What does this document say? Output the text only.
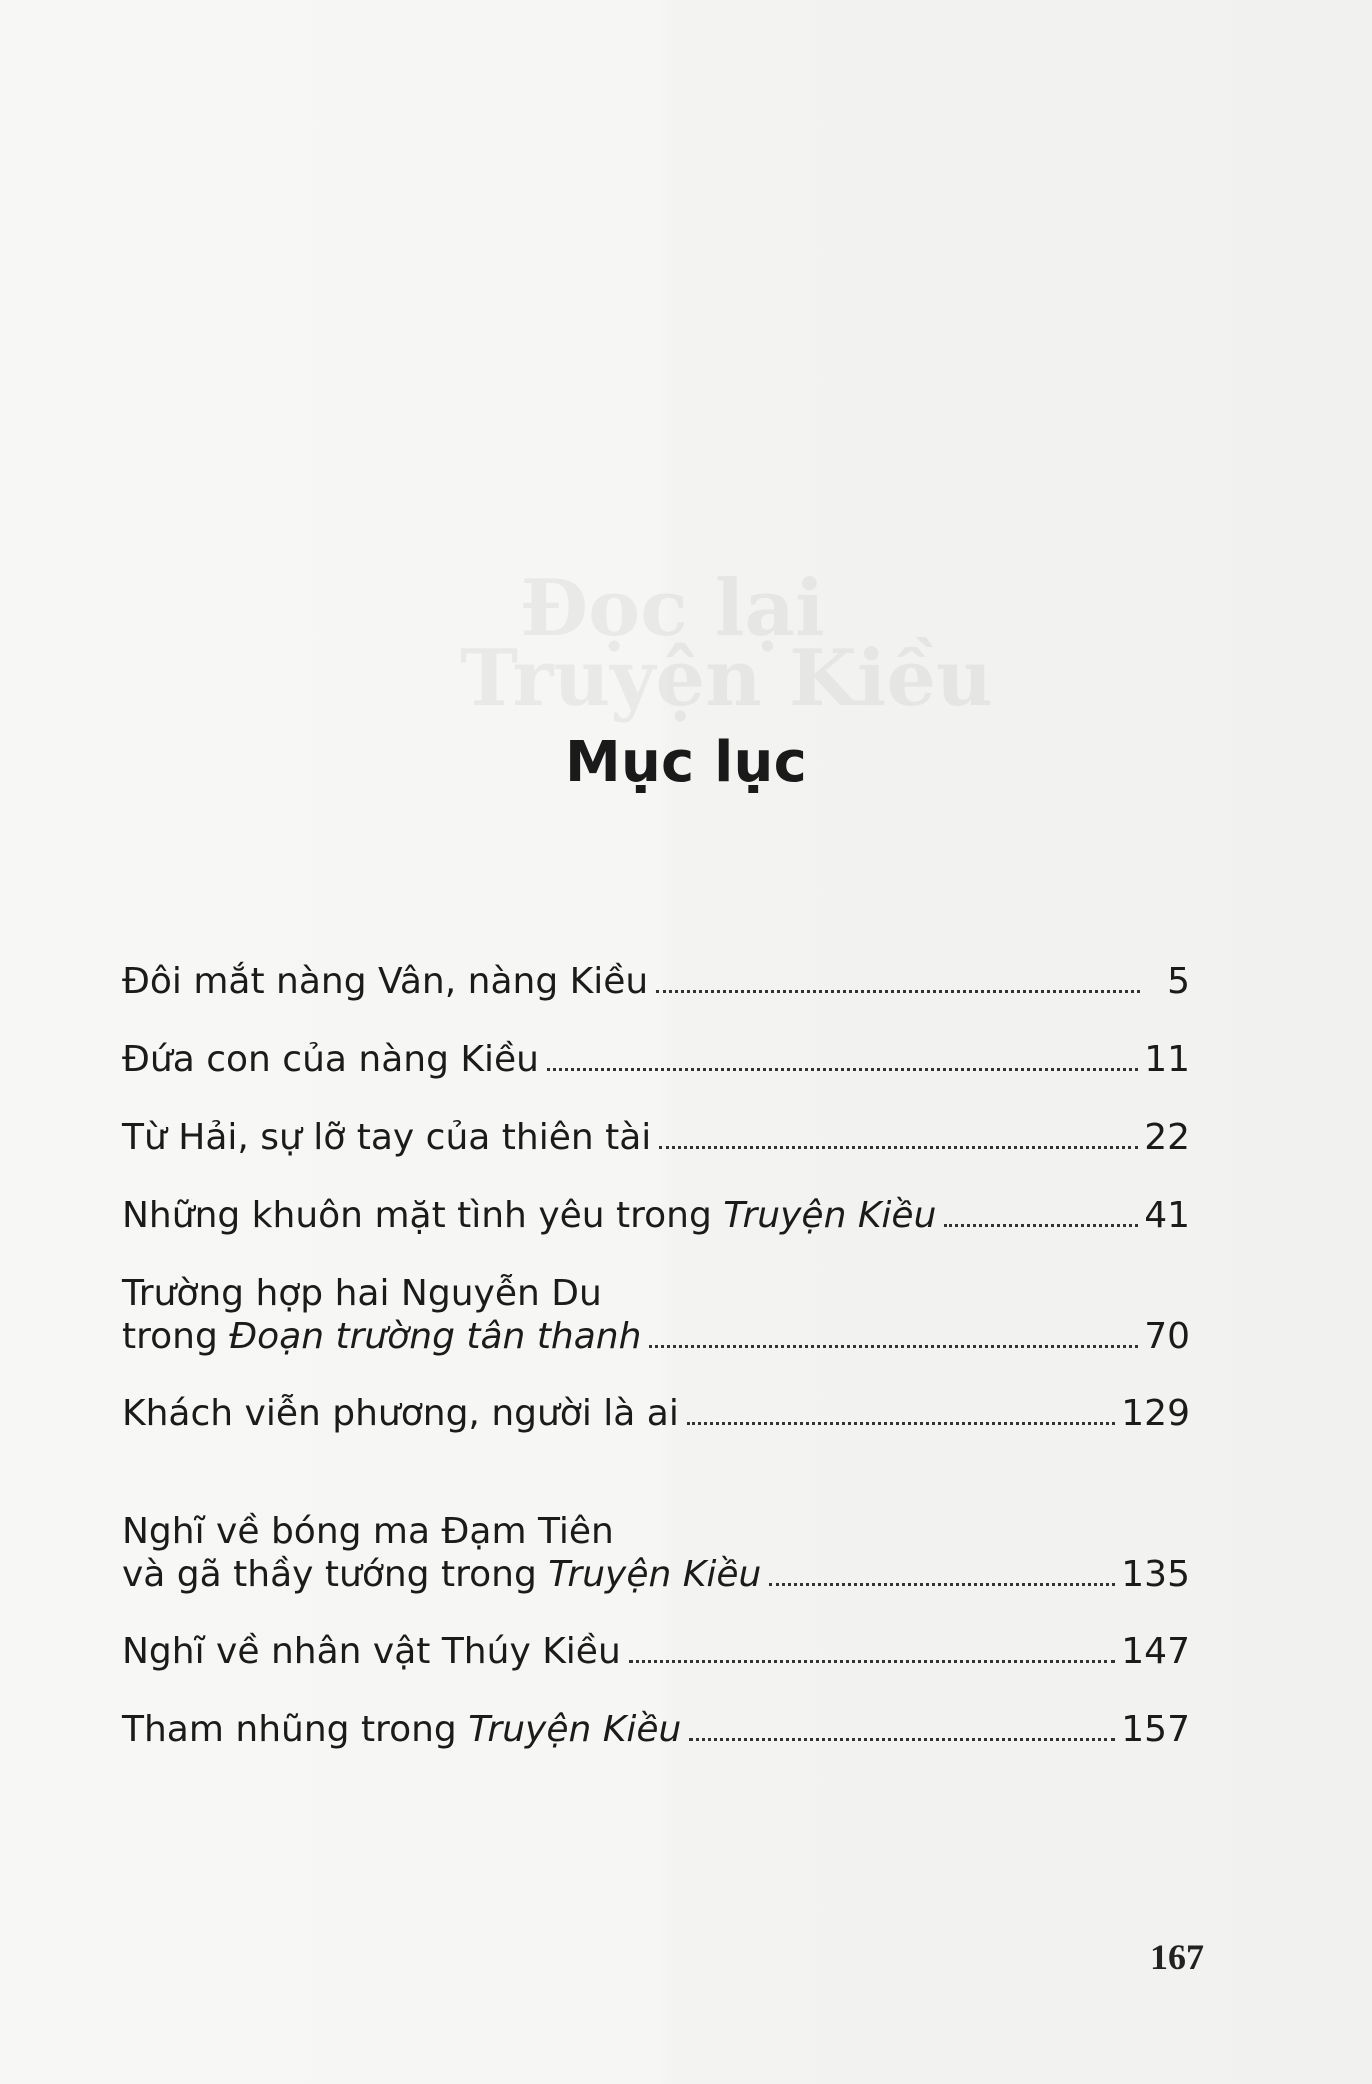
Đọc lại
Truyện Kiều
Mục lục
Đôi mắt nàng Vân, nàng Kiều	5
Đứa con của nàng Kiều	11
Từ Hải, sự lỡ tay của thiên tài	22
Những khuôn mặt tình yêu trong Truyện Kiều	41
Trường hợp hai Nguyễn Du
trong Đoạn trường tân thanh	70
Khách viễn phương, người là ai	129
Nghĩ về bóng ma Đạm Tiên
và gã thầy tướng trong Truyện Kiều	135
Nghĩ về nhân vật Thúy Kiều	147
Tham nhũng trong Truyện Kiều	157
167
